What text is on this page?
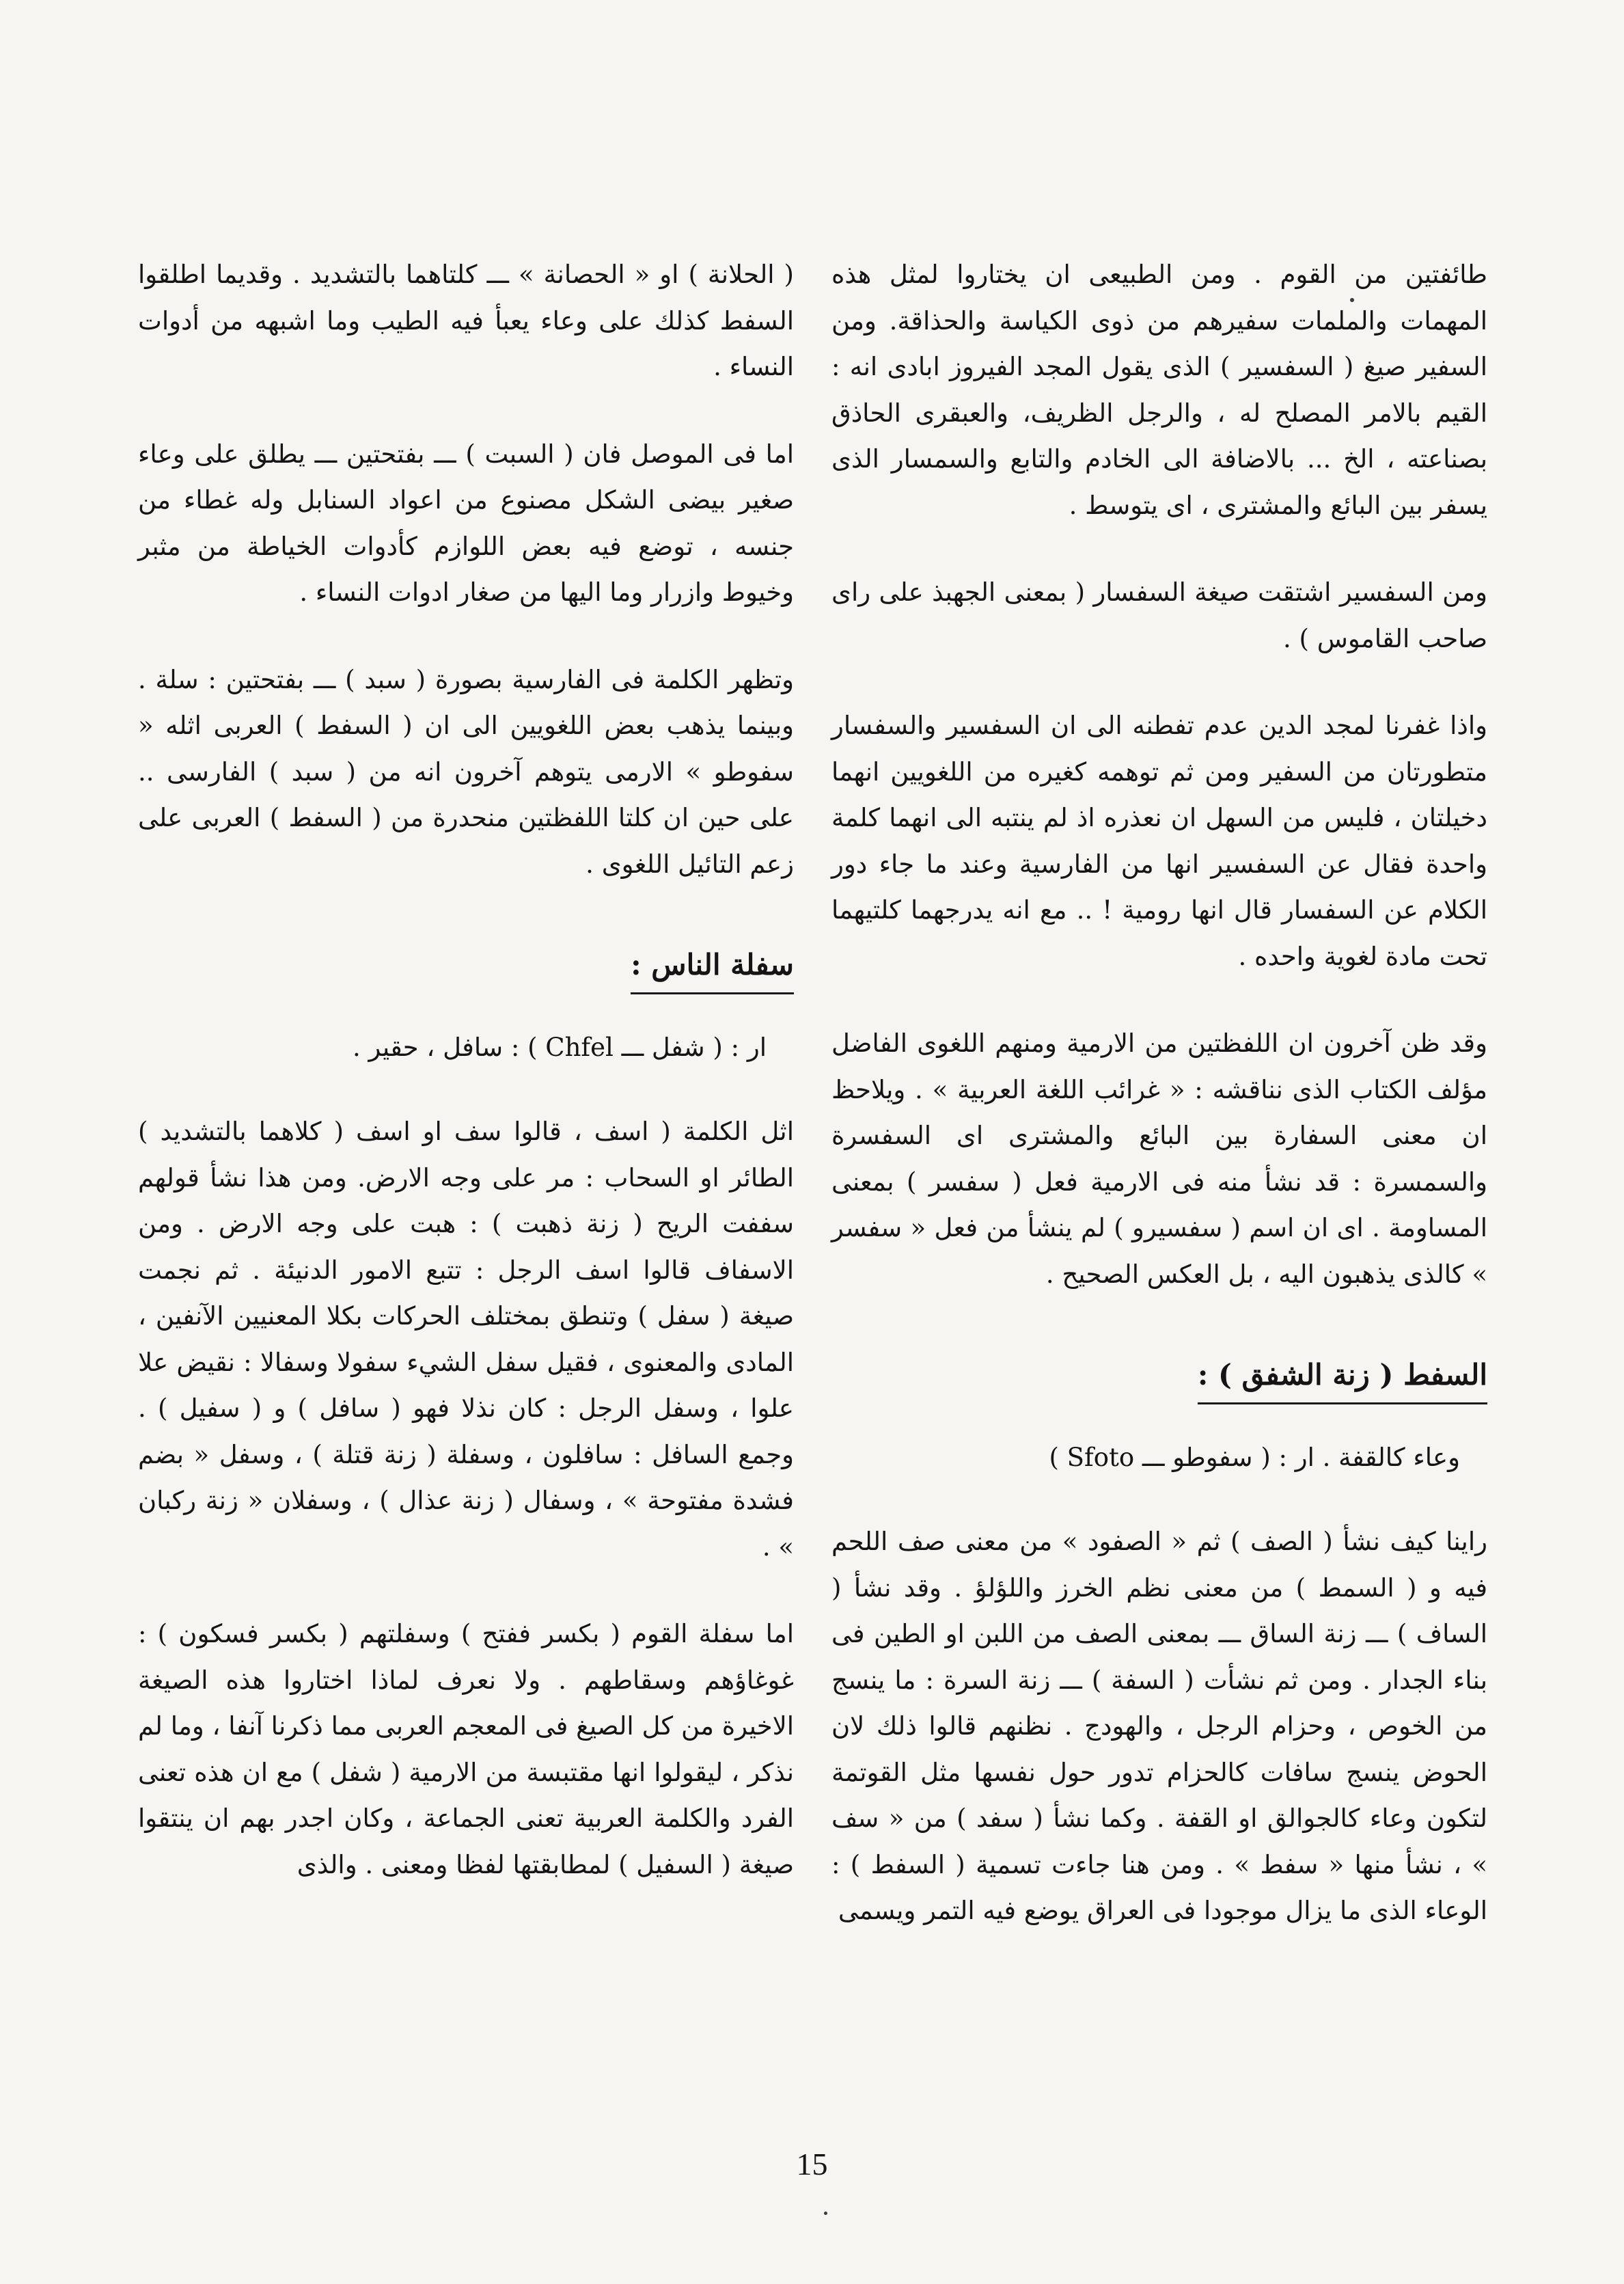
طائفتين من القوم . ومن الطبيعى ان يختاروا لمثل هذه المهمات والملمات سفيرهم من ذوى الكياسة والحذاقة. ومن السفير صيغ ( السفسير ) الذى يقول المجد الفيروز ابادى انه : القيم بالامر المصلح له ، والرجل الظريف، والعبقرى الحاذق بصناعته ، الخ ... بالاضافة الى الخادم والتابع والسمسار الذى يسفر بين البائع والمشترى ، اى يتوسط .

ومن السفسير اشتقت صيغة السفسار ( بمعنى الجهبذ على راى صاحب القاموس ) .

واذا غفرنا لمجد الدين عدم تفطنه الى ان السفسير والسفسار متطورتان من السفير ومن ثم توهمه كغيره من اللغويين انهما دخيلتان ، فليس من السهل ان نعذره اذ لم ينتبه الى انهما كلمة واحدة فقال عن السفسير انها من الفارسية وعند ما جاء دور الكلام عن السفسار قال انها رومية ! .. مع انه يدرجهما كلتيهما تحت مادة لغوية واحده .

وقد ظن آخرون ان اللفظتين من الارمية ومنهم اللغوى الفاضل مؤلف الكتاب الذى نناقشه : « غرائب اللغة العربية » . ويلاحظ ان معنى السفارة بين البائع والمشترى اى السفسرة والسمسرة : قد نشأ منه فى الارمية فعل ( سفسر ) بمعنى المساومة . اى ان اسم ( سفسيرو ) لم ينشأ من فعل « سفسر » كالذى يذهبون اليه ، بل العكس الصحيح .

السفط ( زنة الشفق ) :

وعاء كالقفة . ار : ( سفوطو ـــ Sfoto )

راينا كيف نشأ ( الصف ) ثم « الصفود » من معنى صف اللحم فيه و ( السمط ) من معنى نظم الخرز واللؤلؤ . وقد نشأ ( الساف ) ـــ زنة الساق ـــ بمعنى الصف من اللبن او الطين فى بناء الجدار . ومن ثم نشأت ( السفة ) ـــ زنة السرة : ما ينسج من الخوص ، وحزام الرجل ، والهودج . نظنهم قالوا ذلك لان الحوض ينسج سافات كالحزام تدور حول نفسها مثل القوتمة لتكون وعاء كالجوالق او القفة . وكما نشأ ( سفد ) من « سف » ، نشأ منها « سفط » . ومن هنا جاءت تسمية ( السفط ) : الوعاء الذى ما يزال موجودا فى العراق يوضع فيه التمر ويسمى

( الحلانة ) او « الحصانة » ـــ كلتاهما بالتشديد . وقديما اطلقوا السفط كذلك على وعاء يعبأ فيه الطيب وما اشبهه من أدوات النساء .

اما فى الموصل فان ( السبت ) ـــ بفتحتين ـــ يطلق على وعاء صغير بيضى الشكل مصنوع من اعواد السنابل وله غطاء من جنسه ، توضع فيه بعض اللوازم كأدوات الخياطة من مثبر وخيوط وازرار وما اليها من صغار ادوات النساء .

وتظهر الكلمة فى الفارسية بصورة ( سبد ) ـــ بفتحتين : سلة . وبينما يذهب بعض اللغويين الى ان ( السفط ) العربى اثله « سفوطو » الارمى يتوهم آخرون انه من ( سبد ) الفارسى .. على حين ان كلتا اللفظتين منحدرة من ( السفط ) العربى على زعم التائيل اللغوى .

سفلة الناس :

ار : ( شفل ـــ Chfel ) : سافل ، حقير .

اثل الكلمة ( اسف ، قالوا سف او اسف ( كلاهما بالتشديد ) الطائر او السحاب : مر على وجه الارض. ومن هذا نشأ قولهم سففت الريح ( زنة ذهبت ) : هبت على وجه الارض . ومن الاسفاف قالوا اسف الرجل : تتبع الامور الدنيئة . ثم نجمت صيغة ( سفل ) وتنطق بمختلف الحركات بكلا المعنيين الآنفين ، المادى والمعنوى ، فقيل سفل الشيء سفولا وسفالا : نقيض علا علوا ، وسفل الرجل : كان نذلا فهو ( سافل ) و ( سفيل ) . وجمع السافل : سافلون ، وسفلة ( زنة قتلة ) ، وسفل « بضم فشدة مفتوحة » ، وسفال ( زنة عذال ) ، وسفلان « زنة ركبان » .

اما سفلة القوم ( بكسر ففتح ) وسفلتهم ( بكسر فسكون ) : غوغاؤهم وسقاطهم . ولا نعرف لماذا اختاروا هذه الصيغة الاخيرة من كل الصيغ فى المعجم العربى مما ذكرنا آنفا ، وما لم نذكر ، ليقولوا انها مقتبسة من الارمية ( شفل ) مع ان هذه تعنى الفرد والكلمة العربية تعنى الجماعة ، وكان اجدر بهم ان ينتقوا صيغة ( السفيل ) لمطابقتها لفظا ومعنى . والذى

15
